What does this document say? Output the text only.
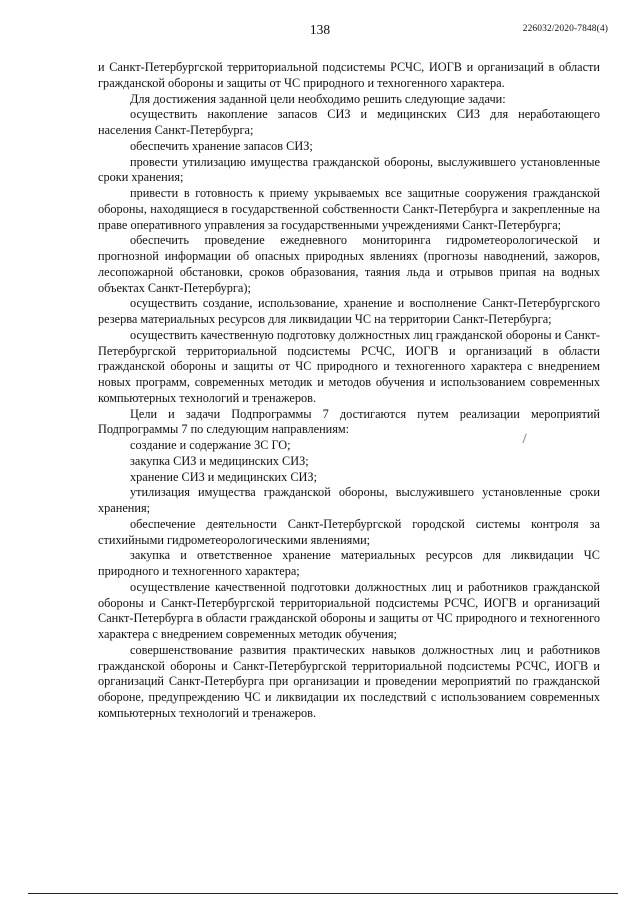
138	226032/2020-7848(4)

и Санкт-Петербургской территориальной подсистемы РСЧС, ИОГВ и организаций в области гражданской обороны и защиты от ЧС природного и техногенного характера.

Для достижения заданной цели необходимо решить следующие задачи:

осуществить накопление запасов СИЗ и медицинских СИЗ для неработающего населения Санкт-Петербурга;

обеспечить хранение запасов СИЗ;

провести утилизацию имущества гражданской обороны, выслужившего установленные сроки хранения;

привести в готовность к приему укрываемых все защитные сооружения гражданской обороны, находящиеся в государственной собственности Санкт-Петербурга и закрепленные на праве оперативного управления за государственными учреждениями Санкт-Петербурга;

обеспечить проведение ежедневного мониторинга гидрометеорологической и прогнозной информации об опасных природных явлениях (прогнозы наводнений, зажоров, лесопожарной обстановки, сроков образования, таяния льда и отрывов припая на водных объектах Санкт-Петербурга);

осуществить создание, использование, хранение и восполнение Санкт-Петербургского резерва материальных ресурсов для ликвидации ЧС на территории Санкт-Петербурга;

осуществить качественную подготовку должностных лиц гражданской обороны и Санкт-Петербургской территориальной подсистемы РСЧС, ИОГВ и организаций в области гражданской обороны и защиты от ЧС природного и техногенного характера с внедрением новых программ, современных методик и методов обучения и использованием современных компьютерных технологий и тренажеров.

Цели и задачи Подпрограммы 7 достигаются путем реализации мероприятий Подпрограммы 7 по следующим направлениям:

создание и содержание ЗС ГО;

закупка СИЗ и медицинских СИЗ;

хранение СИЗ и медицинских СИЗ;

утилизация имущества гражданской обороны, выслужившего установленные сроки хранения;

обеспечение деятельности Санкт-Петербургской городской системы контроля за стихийными гидрометеорологическими явлениями;

закупка и ответственное хранение материальных ресурсов для ликвидации ЧС природного и техногенного характера;

осуществление качественной подготовки должностных лиц и работников гражданской обороны и Санкт-Петербургской территориальной подсистемы РСЧС, ИОГВ и организаций Санкт-Петербурга в области гражданской обороны и защиты от ЧС природного и техногенного характера с внедрением современных методик обучения;

совершенствование развития практических навыков должностных лиц и работников гражданской обороны и Санкт-Петербургской территориальной подсистемы РСЧС, ИОГВ и организаций Санкт-Петербурга при организации и проведении мероприятий по гражданской обороне, предупреждению ЧС и ликвидации их последствий с использованием современных компьютерных технологий и тренажеров.
